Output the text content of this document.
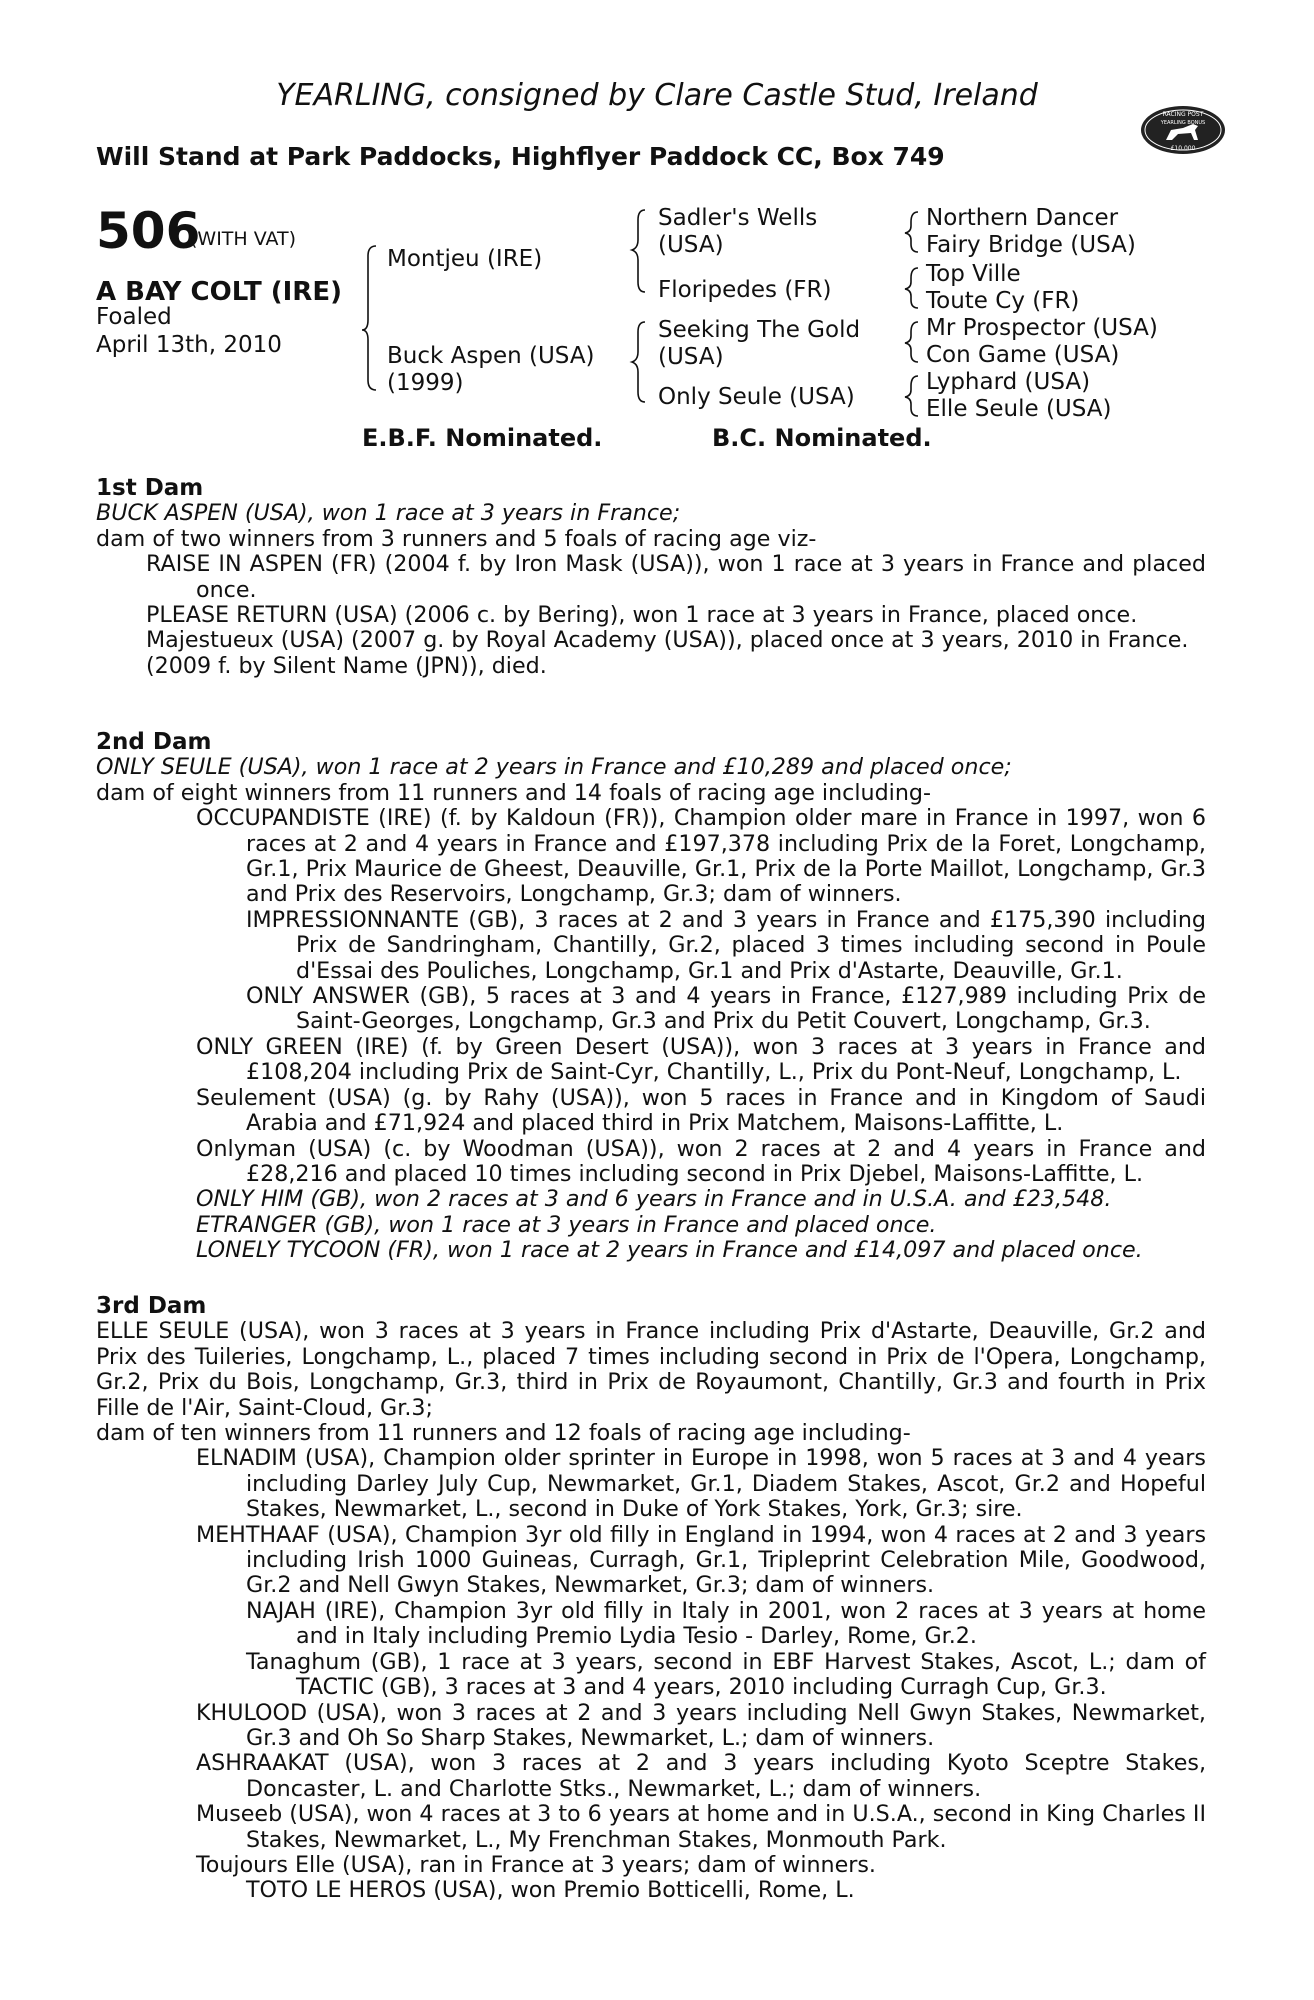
YEARLING, consigned by Clare Castle Stud, Ireland
Will Stand at Park Paddocks, Highflyer Paddock CC, Box 749
RACING POST
YEARLING BONUS
£10,000
506
(WITH VAT)
A BAY COLT (IRE)
Foaled
April 13th, 2010
Montjeu (IRE)
Buck Aspen (USA)
(1999)
Sadler's Wells
(USA)
Floripedes (FR)
Seeking The Gold
(USA)
Only Seule (USA)
Northern Dancer
Fairy Bridge (USA)
Top Ville
Toute Cy (FR)
Mr Prospector (USA)
Con Game (USA)
Lyphard (USA)
Elle Seule (USA)
E.B.F. Nominated.	B.C. Nominated.

1st Dam

BUCK ASPEN (USA), won 1 race at 3 years in France;

dam of two winners from 3 runners and 5 foals of racing age viz-

RAISE IN ASPEN (FR) (2004 f. by Iron Mask (USA)), won 1 race at 3 years in France and placed once.

PLEASE RETURN (USA) (2006 c. by Bering), won 1 race at 3 years in France, placed once.

Majestueux (USA) (2007 g. by Royal Academy (USA)), placed once at 3 years, 2010 in France.

(2009 f. by Silent Name (JPN)), died.

2nd Dam

ONLY SEULE (USA), won 1 race at 2 years in France and £10,289 and placed once;

dam of eight winners from 11 runners and 14 foals of racing age including-

OCCUPANDISTE (IRE) (f. by Kaldoun (FR)), Champion older mare in France in 1997, won 6 races at 2 and 4 years in France and £197,378 including Prix de la Foret, Longchamp, Gr.1, Prix Maurice de Gheest, Deauville, Gr.1, Prix de la Porte Maillot, Longchamp, Gr.3 and Prix des Reservoirs, Longchamp, Gr.3; dam of winners.

IMPRESSIONNANTE (GB), 3 races at 2 and 3 years in France and £175,390 including Prix de Sandringham, Chantilly, Gr.2, placed 3 times including second in Poule d'Essai des Pouliches, Longchamp, Gr.1 and Prix d'Astarte, Deauville, Gr.1.

ONLY ANSWER (GB), 5 races at 3 and 4 years in France, £127,989 including Prix de Saint-Georges, Longchamp, Gr.3 and Prix du Petit Couvert, Longchamp, Gr.3.

ONLY GREEN (IRE) (f. by Green Desert (USA)), won 3 races at 3 years in France and £108,204 including Prix de Saint-Cyr, Chantilly, L., Prix du Pont-Neuf, Longchamp, L.

Seulement (USA) (g. by Rahy (USA)), won 5 races in France and in Kingdom of Saudi Arabia and £71,924 and placed third in Prix Matchem, Maisons-Laffitte, L.

Onlyman (USA) (c. by Woodman (USA)), won 2 races at 2 and 4 years in France and £28,216 and placed 10 times including second in Prix Djebel, Maisons-Laffitte, L.

ONLY HIM (GB), won 2 races at 3 and 6 years in France and in U.S.A. and £23,548.

ETRANGER (GB), won 1 race at 3 years in France and placed once.

LONELY TYCOON (FR), won 1 race at 2 years in France and £14,097 and placed once.

3rd Dam

ELLE SEULE (USA), won 3 races at 3 years in France including Prix d'Astarte, Deauville, Gr.2 and Prix des Tuileries, Longchamp, L., placed 7 times including second in Prix de l'Opera, Longchamp, Gr.2, Prix du Bois, Longchamp, Gr.3, third in Prix de Royaumont, Chantilly, Gr.3 and fourth in Prix Fille de l'Air, Saint-Cloud, Gr.3;

dam of ten winners from 11 runners and 12 foals of racing age including-

ELNADIM (USA), Champion older sprinter in Europe in 1998, won 5 races at 3 and 4 years including Darley July Cup, Newmarket, Gr.1, Diadem Stakes, Ascot, Gr.2 and Hopeful Stakes, Newmarket, L., second in Duke of York Stakes, York, Gr.3; sire.

MEHTHAAF (USA), Champion 3yr old filly in England in 1994, won 4 races at 2 and 3 years including Irish 1000 Guineas, Curragh, Gr.1, Tripleprint Celebration Mile, Goodwood, Gr.2 and Nell Gwyn Stakes, Newmarket, Gr.3; dam of winners.

NAJAH (IRE), Champion 3yr old filly in Italy in 2001, won 2 races at 3 years at home and in Italy including Premio Lydia Tesio - Darley, Rome, Gr.2.

Tanaghum (GB), 1 race at 3 years, second in EBF Harvest Stakes, Ascot, L.; dam of TACTIC (GB), 3 races at 3 and 4 years, 2010 including Curragh Cup, Gr.3.

KHULOOD (USA), won 3 races at 2 and 3 years including Nell Gwyn Stakes, Newmarket, Gr.3 and Oh So Sharp Stakes, Newmarket, L.; dam of winners.

ASHRAAKAT (USA), won 3 races at 2 and 3 years including Kyoto Sceptre Stakes, Doncaster, L. and Charlotte Stks., Newmarket, L.; dam of winners.

Museeb (USA), won 4 races at 3 to 6 years at home and in U.S.A., second in King Charles II Stakes, Newmarket, L., My Frenchman Stakes, Monmouth Park.

Toujours Elle (USA), ran in France at 3 years; dam of winners.

TOTO LE HEROS (USA), won Premio Botticelli, Rome, L.
